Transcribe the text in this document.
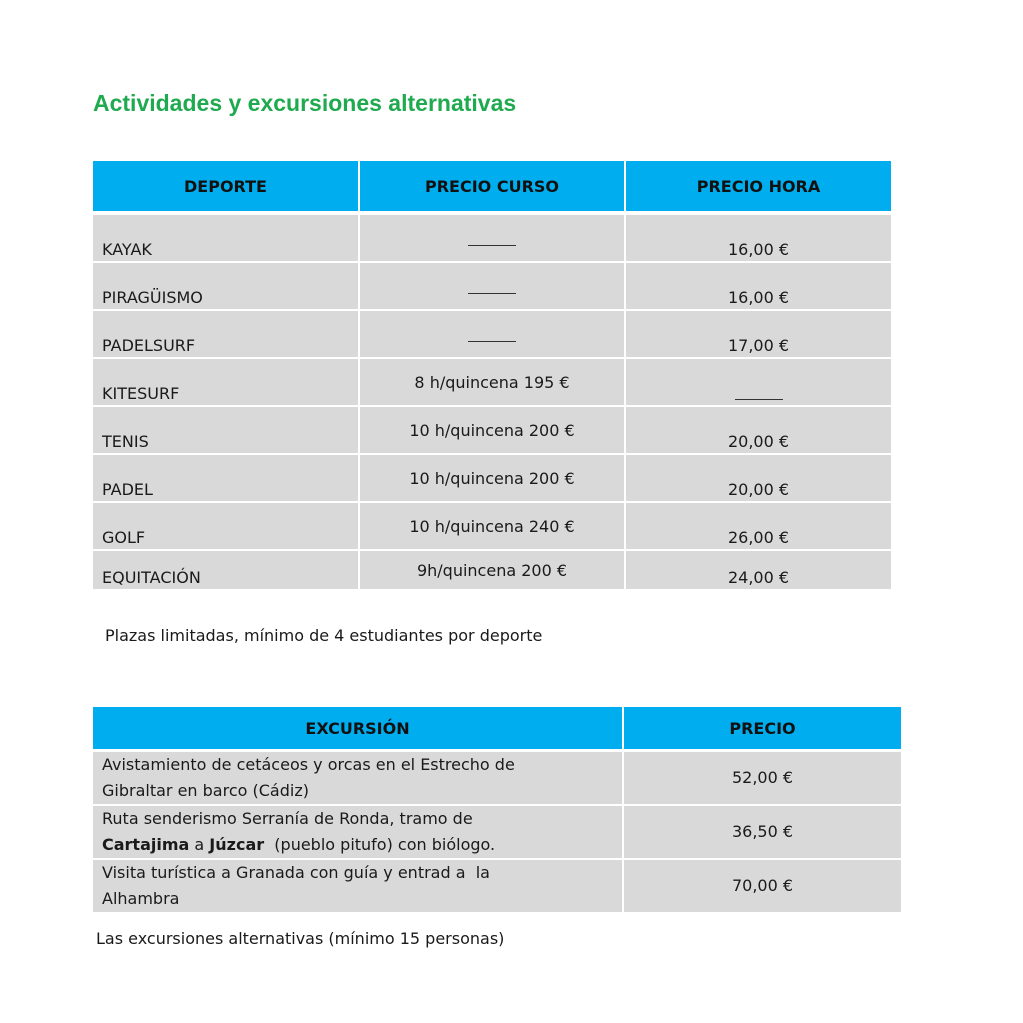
Actividades y excursiones alternativas
DEPORTE	PRECIO CURSO	PRECIO HORA

KAYAK		16,00 €

PIRAGÜISMO		16,00 €

PADELSURF		17,00 €

KITESURF	8 h/quincena 195 €	

TENIS	10 h/quincena 200 €	20,00 €

PADEL	10 h/quincena 200 €	20,00 €

GOLF	10 h/quincena 240 €	26,00 €

EQUITACIÓN	9h/quincena 200 €	24,00 €
Plazas limitadas, mínimo de 4 estudiantes por deporte
EXCURSIÓN	PRECIO
Avistamiento de cetáceos y orcas en el Estrecho de
Gibraltar en barco (Cádiz)	52,00 €
Ruta senderismo Serranía de Ronda, tramo de
Cartajima a Júzcar  (pueblo pitufo) con biólogo.	36,50 €
Visita turística a Granada con guía y entrad a  la
Alhambra	70,00 €
Las excursiones alternativas (mínimo 15 personas)
